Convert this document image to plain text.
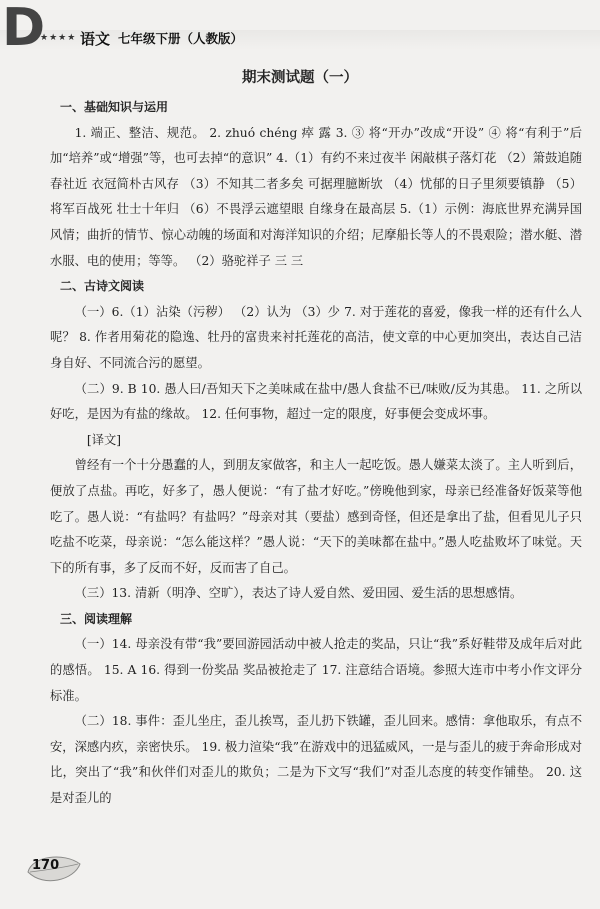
D
★★★★ 语文 七年级下册（人教版）
期末测试题（一）
一、基础知识与运用
1. 端正、整洁、规范。 2. zhuó chéng 瘁 露 3. ③ 将“开办”改成“开设” ④ 将“有利于”后加“培养”或“增强”等，也可去掉“的意识” 4.（1）有约不来过夜半 闲敲棋子落灯花 （2）箫鼓追随春社近 衣冠简朴古风存 （3）不知其二者多矣 可据理臆断欤 （4）忧郁的日子里须要镇静 （5）将军百战死 壮士十年归 （6）不畏浮云遮望眼 自缘身在最高层 5.（1）示例：海底世界充满异国风情；曲折的情节、惊心动魄的场面和对海洋知识的介绍；尼摩船长等人的不畏艰险；潜水艇、潜水服、电的使用；等等。 （2）骆驼祥子 三 三
二、古诗文阅读
（一）6.（1）沾染（污秽） （2）认为 （3）少 7. 对于莲花的喜爱，像我一样的还有什么人呢？ 8. 作者用菊花的隐逸、牡丹的富贵来衬托莲花的高洁，使文章的中心更加突出，表达自己洁身自好、不同流合污的愿望。
（二）9. B 10. 愚人曰/吾知天下之美味咸在盐中/愚人食盐不已/味败/反为其患。 11. 之所以好吃，是因为有盐的缘故。 12. 任何事物，超过一定的限度，好事便会变成坏事。
[译文]
曾经有一个十分愚蠢的人，到朋友家做客，和主人一起吃饭。愚人嫌菜太淡了。主人听到后，便放了点盐。再吃，好多了，愚人便说：“有了盐才好吃。”傍晚他到家，母亲已经准备好饭菜等他吃了。愚人说：“有盐吗？有盐吗？”母亲对其（要盐）感到奇怪，但还是拿出了盐，但看见儿子只吃盐不吃菜，母亲说：“怎么能这样？”愚人说：“天下的美味都在盐中。”愚人吃盐败坏了味觉。天下的所有事，多了反而不好，反而害了自己。
（三）13. 清新（明净、空旷），表达了诗人爱自然、爱田园、爱生活的思想感情。
三、阅读理解
（一）14. 母亲没有带“我”要回游园活动中被人抢走的奖品，只让“我”系好鞋带及成年后对此的感悟。 15. A 16. 得到一份奖品 奖品被抢走了 17. 注意结合语境。参照大连市中考小作文评分标准。
（二）18. 事件：歪儿坐庄，歪儿挨骂，歪儿扔下铁罐，歪儿回来。感情：拿他取乐，有点不安，深感内疚，亲密快乐。 19. 极力渲染“我”在游戏中的迅猛威风，一是与歪儿的疲于奔命形成对比，突出了“我”和伙伴们对歪儿的欺负；二是为下文写“我们”对歪儿态度的转变作铺垫。 20. 这是对歪儿的
170
